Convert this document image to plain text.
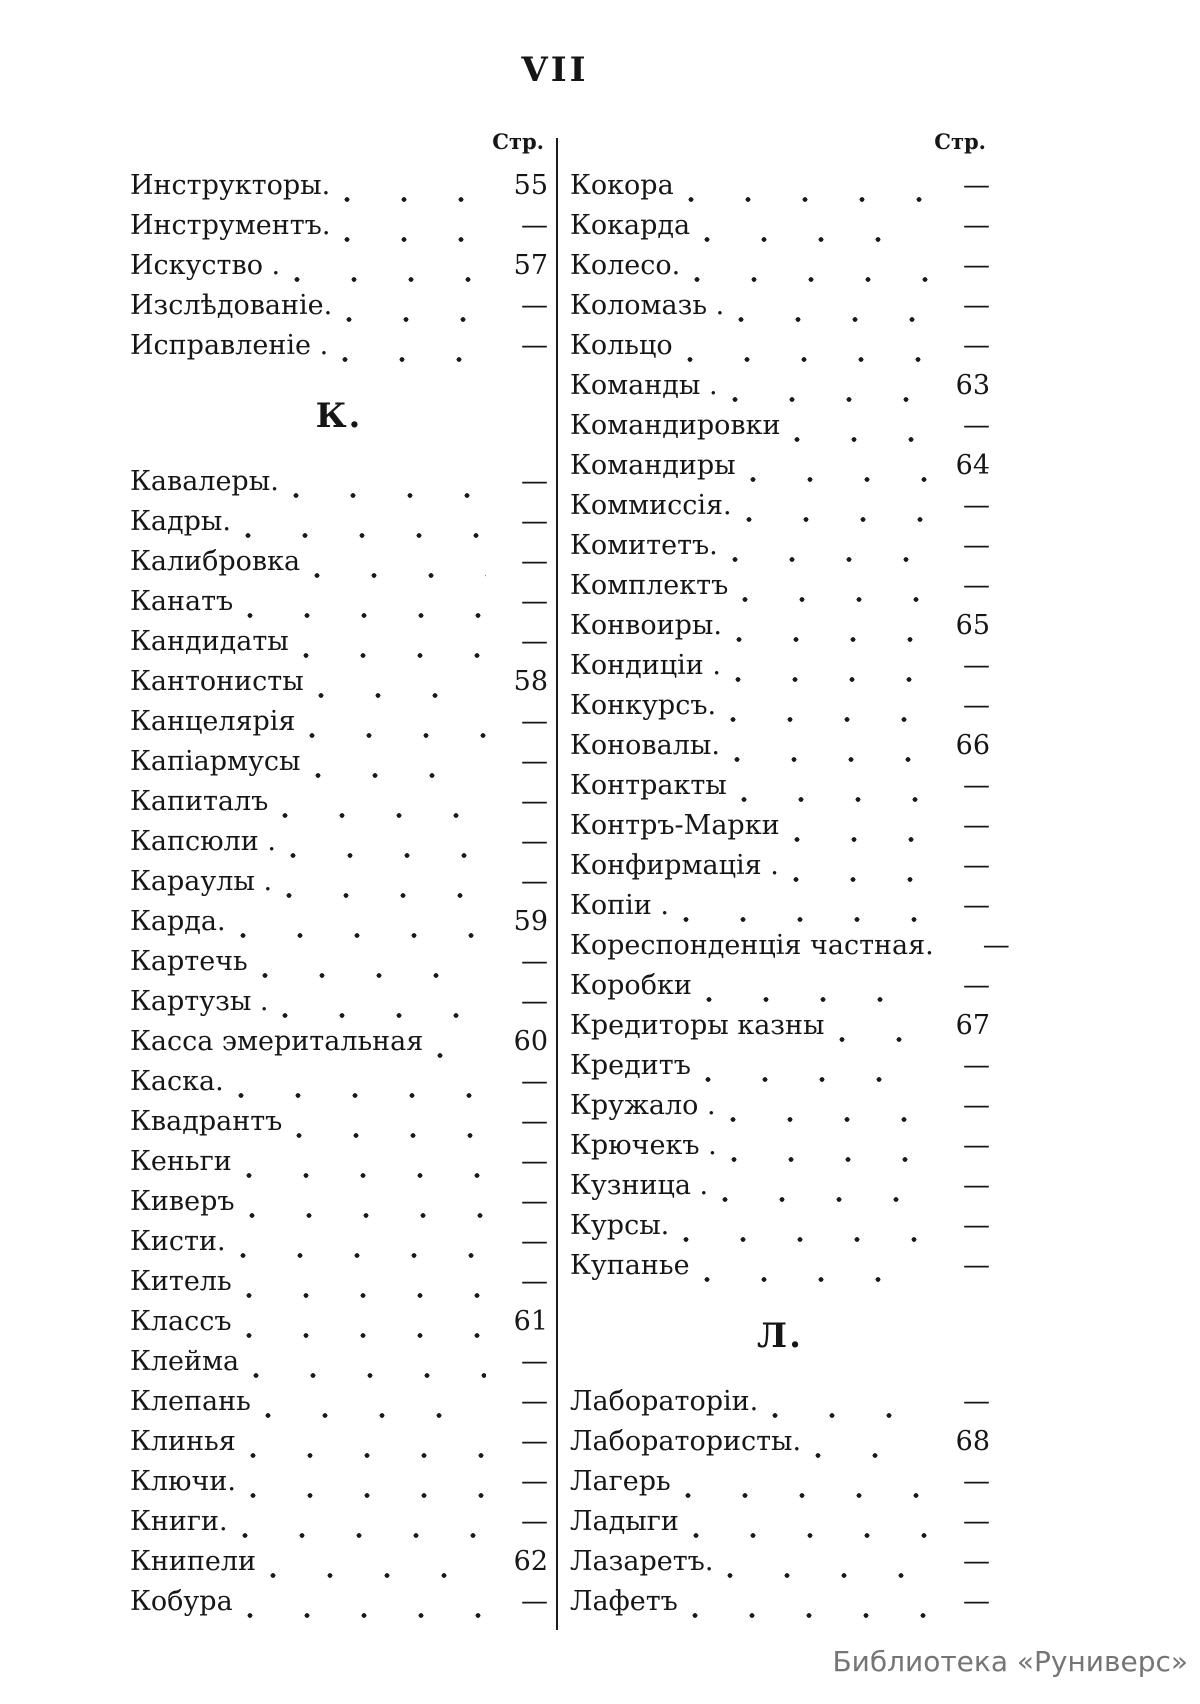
VII
Стр.
Инструкторы.	55
Инструментъ.	—
Искуство .	57
Изслѣдованіе.	—
Исправленіе .	—
К.
Кавалеры.	—
Кадры.	—
Калибровка	—
Канатъ	—
Кандидаты	—
Кантонисты	58
Канцелярія	—
Капіармусы	—
Капиталъ	—
Капсюли .	—
Караулы .	—
Карда.	59
Картечь	—
Картузы .	—
Касса эмеритальная	60
Каска.	—
Квадрантъ	—
Кеньги	—
Киверъ	—
Кисти.	—
Китель	—
Классъ	61
Клейма	—
Клепань	—
Клинья	—
Ключи.	—
Книги.	—
Книпели	62
Кобура	—
Стр.
Кокора	—
Кокарда	—
Колесо.	—
Коломазь .	—
Кольцо	—
Команды .	63
Командировки	—
Командиры	64
Коммиссія.	—
Комитетъ.	—
Комплектъ	—
Конвоиры.	65
Кондиціи .	—
Конкурсъ.	—
Коновалы.	66
Контракты	—
Контръ-Марки	—
Конфирмація .	—
Копіи .	—
Кореспонденція частная.	—
Коробки	—
Кредиторы казны	67
Кредитъ	—
Кружало .	—
Крючекъ .	—
Кузница .	—
Курсы.	—
Купанье	—
Л.
Лабораторіи.	—
Лаборатористы.	68
Лагерь	—
Ладыги	—
Лазаретъ.	—
Лафетъ	—
Библиотека «Руниверс»
